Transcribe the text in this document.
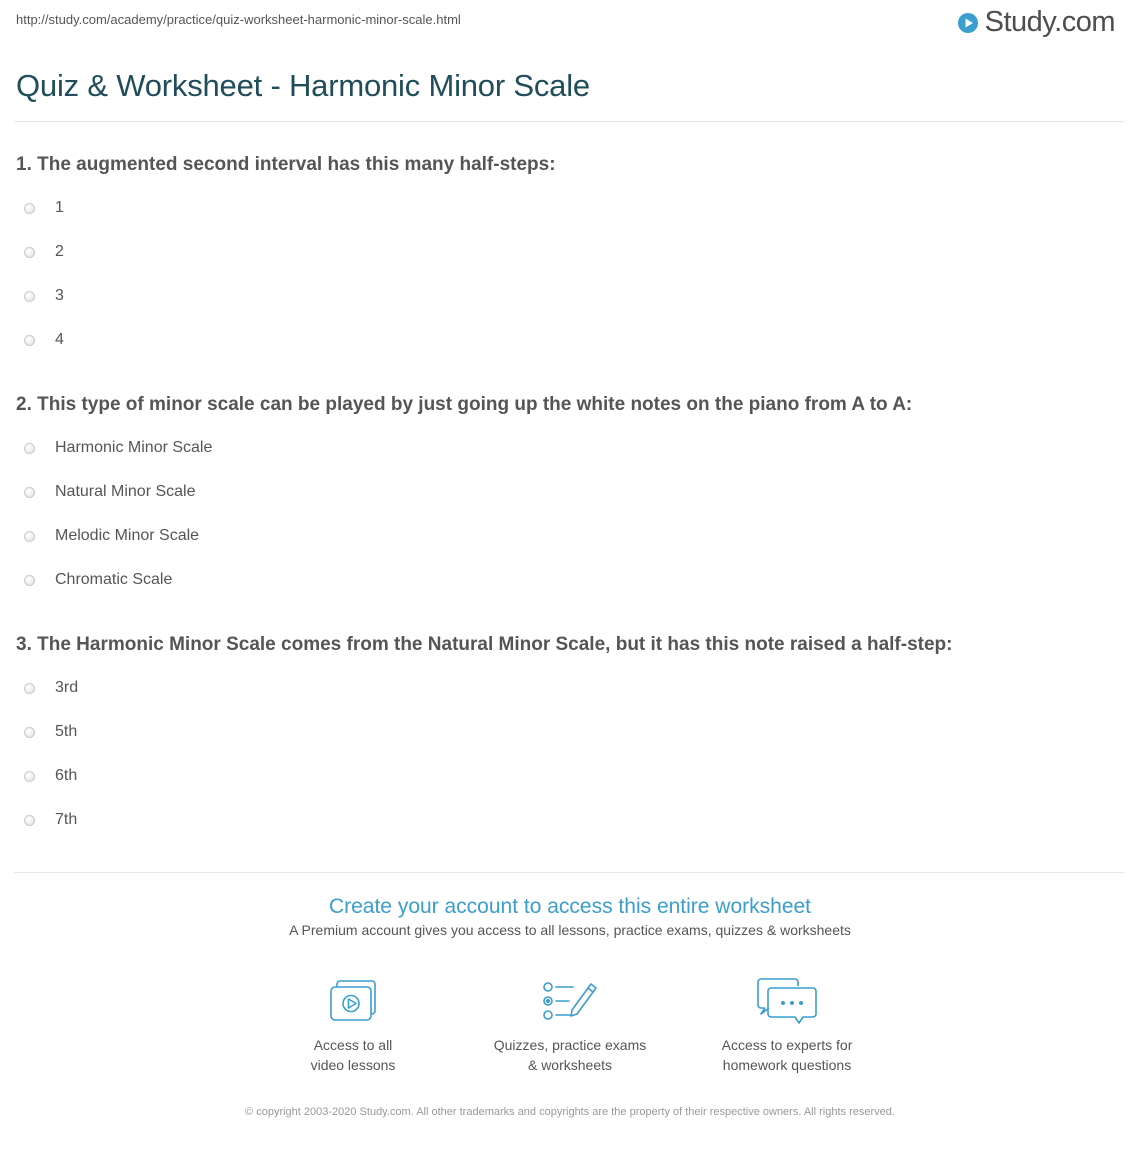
http://study.com/academy/practice/quiz-worksheet-harmonic-minor-scale.html	Study.com
Quiz & Worksheet - Harmonic Minor Scale

1. The augmented second interval has this many half-steps:

1
2
3
4

2. This type of minor scale can be played by just going up the white notes on the piano from A to A:

Harmonic Minor Scale
Natural Minor Scale
Melodic Minor Scale
Chromatic Scale

3. The Harmonic Minor Scale comes from the Natural Minor Scale, but it has this note raised a half-step:

3rd
5th
6th
7th
Create your account to access this entire worksheet
A Premium account gives you access to all lessons, practice exams, quizzes & worksheets
Access to all
video lessons
Quizzes, practice exams
& worksheets
Access to experts for
homework questions
© copyright 2003-2020 Study.com. All other trademarks and copyrights are the property of their respective owners. All rights reserved.
